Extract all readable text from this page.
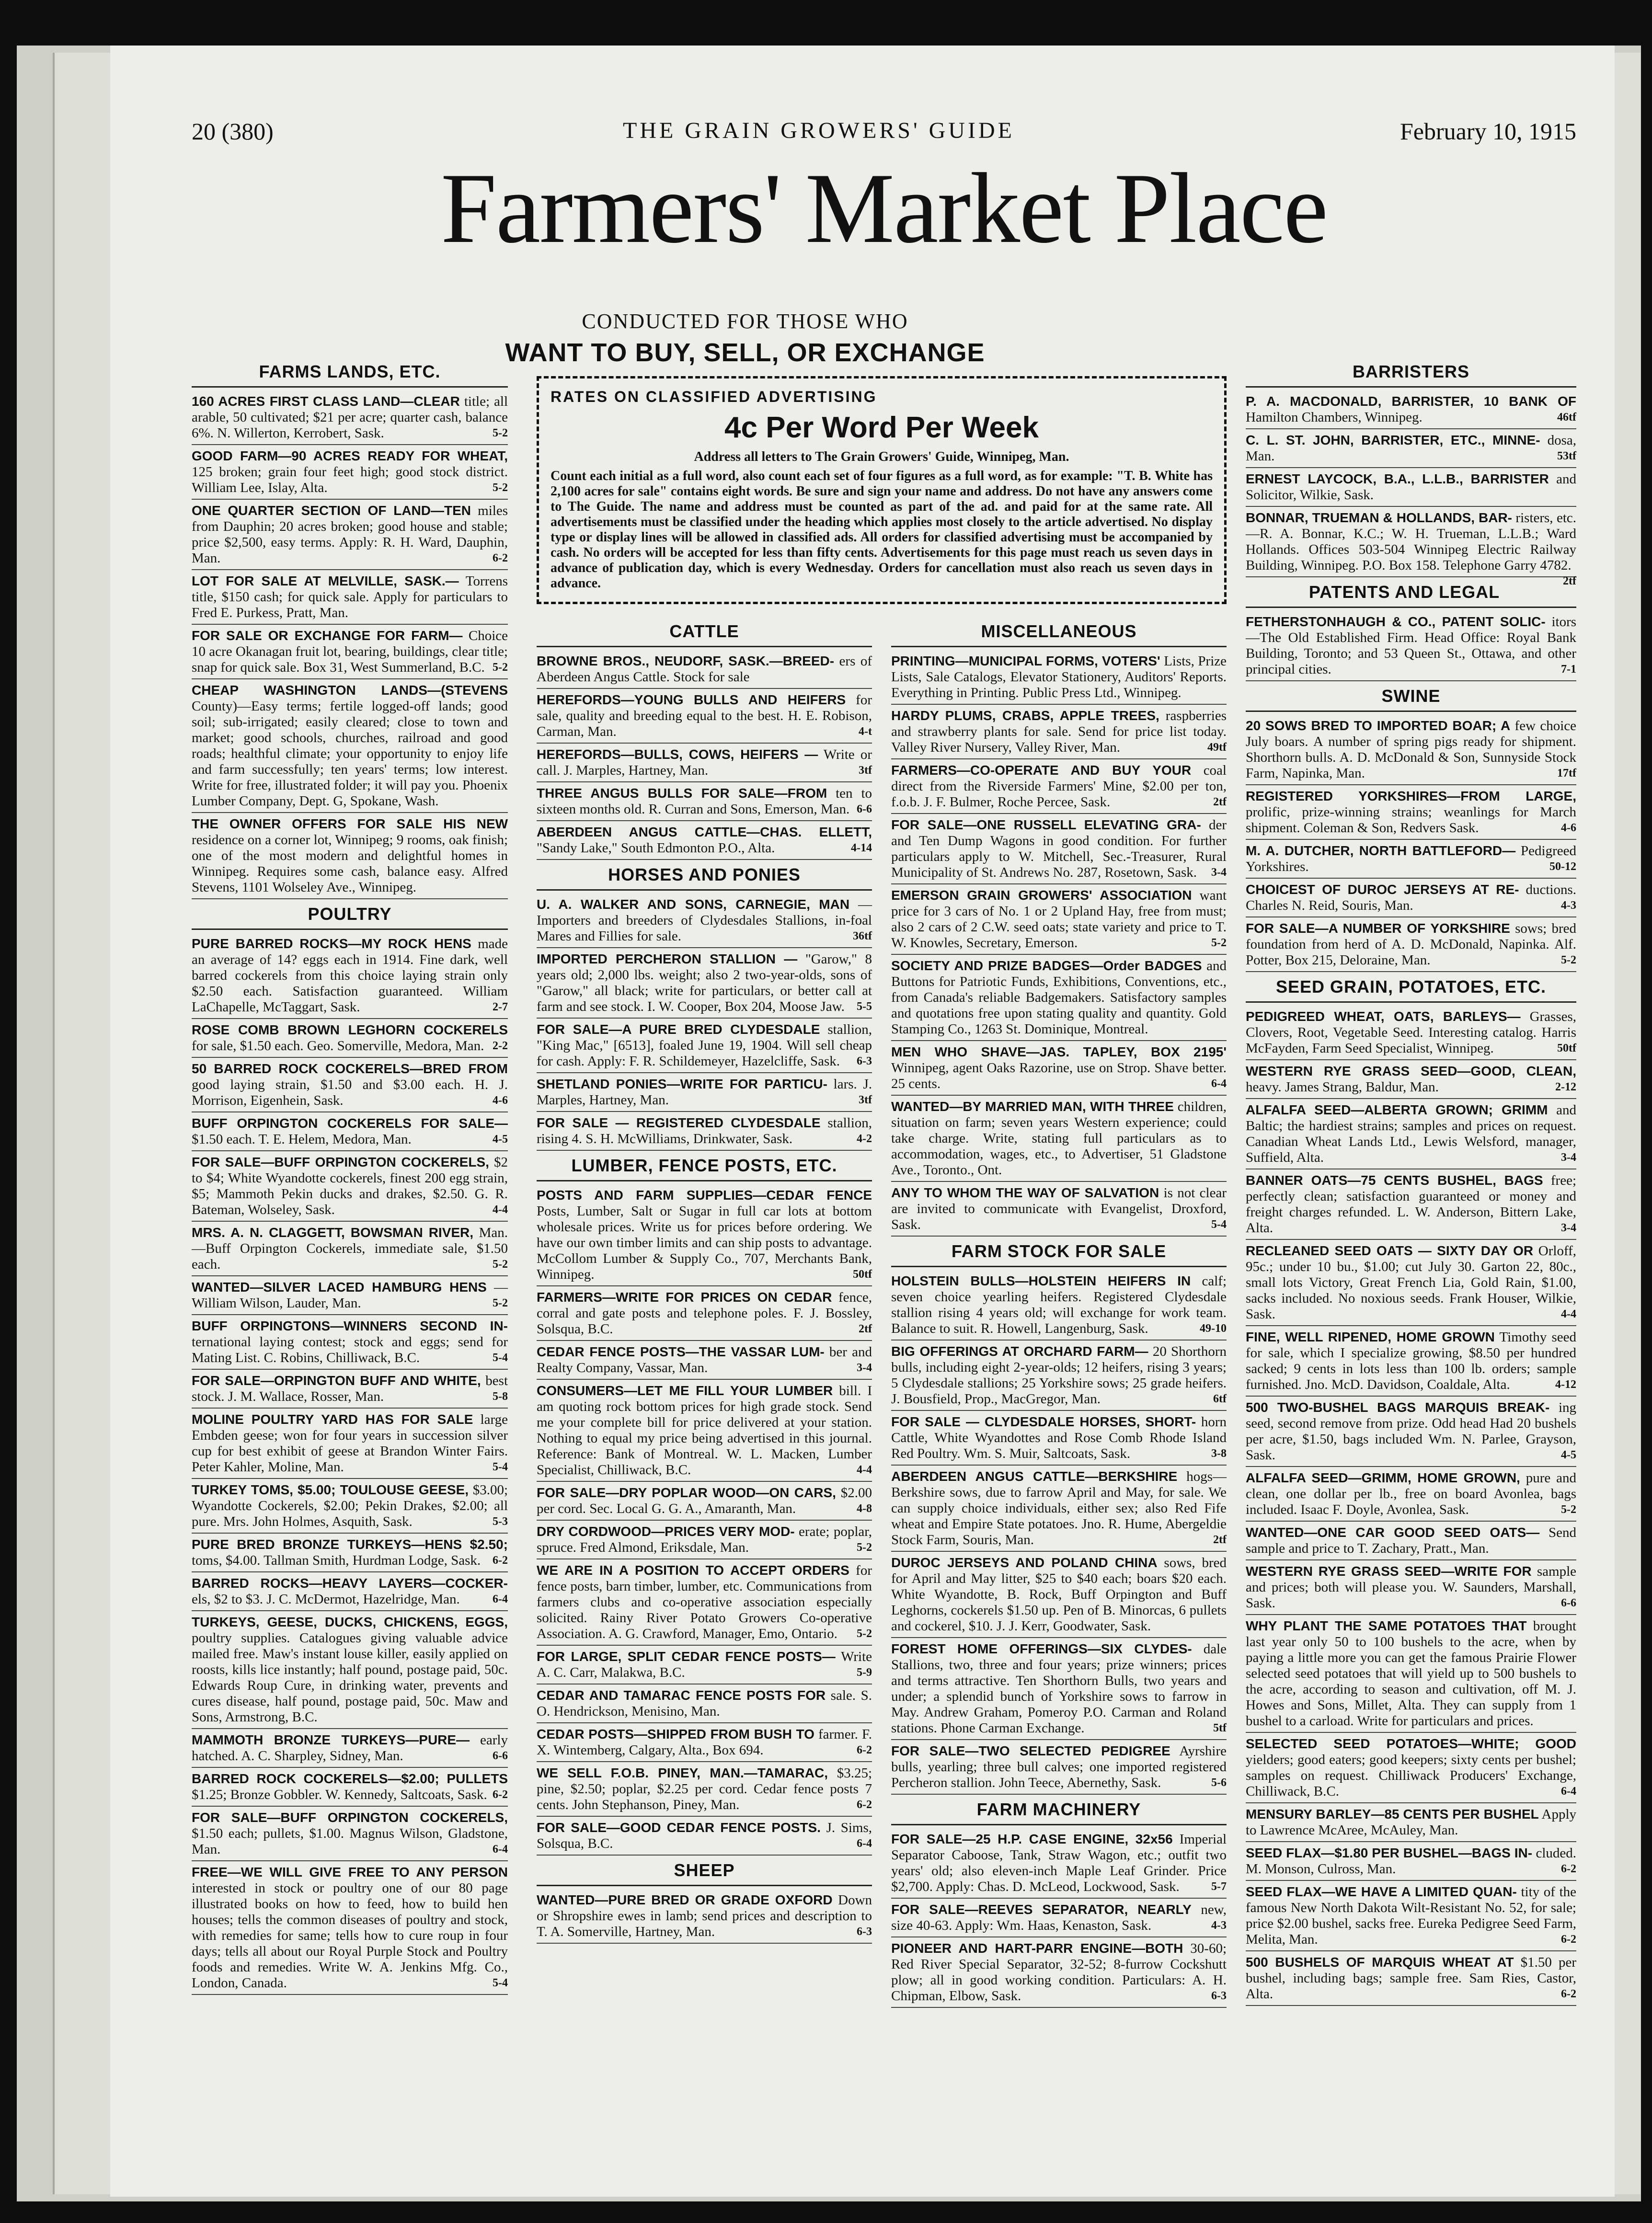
20 (380)	THE GRAIN GROWERS' GUIDE	February 10, 1915
Farmers' Market Place
CONDUCTED FOR THOSE WHO
WANT TO BUY, SELL, OR EXCHANGE
FARMS LANDS, ETC.
160 ACRES FIRST CLASS LAND—CLEAR title; all arable, 50 cultivated; $21 per acre; quarter cash, balance 6%. N. Willerton, Kerrobert, Sask.	5-2
GOOD FARM—90 ACRES READY FOR WHEAT, 125 broken; grain four feet high; good stock district. William Lee, Islay, Alta.	5-2
ONE QUARTER SECTION OF LAND—TEN miles from Dauphin; 20 acres broken; good house and stable; price $2,500, easy terms. Apply: R. H. Ward, Dauphin, Man.	6-2
LOT FOR SALE AT MELVILLE, SASK.— Torrens title, $150 cash; for quick sale. Apply for particulars to Fred E. Purkess, Pratt, Man.
FOR SALE OR EXCHANGE FOR FARM— Choice 10 acre Okanagan fruit lot, bearing, buildings, clear title; snap for quick sale. Box 31, West Summerland, B.C. 5-2
CHEAP WASHINGTON LANDS—(STEVENS County)—Easy terms; fertile logged-off lands; good soil; sub-irrigated; easily cleared; close to town and market; good schools, churches, railroad and good roads; healthful climate; your opportunity to enjoy life and farm successfully; ten years' terms; low interest. Write for free, illustrated folder; it will pay you. Phoenix Lumber Company, Dept. G, Spokane, Wash.
THE OWNER OFFERS FOR SALE HIS NEW residence on a corner lot, Winnipeg; 9 rooms, oak finish; one of the most modern and delightful homes in Winnipeg. Requires some cash, balance easy. Alfred Stevens, 1101 Wolseley Ave., Winnipeg.
POULTRY
PURE BARRED ROCKS—MY ROCK HENS made an average of 14? eggs each in 1914. Fine dark, well barred cockerels from this choice laying strain only $2.50 each. Satisfaction guaranteed. William LaChapelle, McTaggart, Sask.	2-7
ROSE COMB BROWN LEGHORN COCKERELS for sale, $1.50 each. Geo. Somerville, Medora, Man. 2-2
50 BARRED ROCK COCKERELS—BRED FROM good laying strain, $1.50 and $3.00 each. H. J. Morrison, Eigenhein, Sask.	4-6
BUFF ORPINGTON COCKERELS FOR SALE— $1.50 each. T. E. Helem, Medora, Man.	4-5
FOR SALE—BUFF ORPINGTON COCKERELS, $2 to $4; White Wyandotte cockerels, finest 200 egg strain, $5; Mammoth Pekin ducks and drakes, $2.50. G. R. Bateman, Wolseley, Sask.	4-4
MRS. A. N. CLAGGETT, BOWSMAN RIVER, Man.—Buff Orpington Cockerels, immediate sale, $1.50 each.	5-2
WANTED—SILVER LACED HAMBURG HENS —William Wilson, Lauder, Man.	5-2
BUFF ORPINGTONS—WINNERS SECOND IN- ternational laying contest; stock and eggs; send for Mating List. C. Robins, Chilliwack, B.C.	5-4
FOR SALE—ORPINGTON BUFF AND WHITE, best stock. J. M. Wallace, Rosser, Man.	5-8
MOLINE POULTRY YARD HAS FOR SALE large Embden geese; won for four years in succession silver cup for best exhibit of geese at Brandon Winter Fairs. Peter Kahler, Moline, Man.	5-4
TURKEY TOMS, $5.00; TOULOUSE GEESE, $3.00; Wyandotte Cockerels, $2.00; Pekin Drakes, $2.00; all pure. Mrs. John Holmes, Asquith, Sask.	5-3
PURE BRED BRONZE TURKEYS—HENS $2.50; toms, $4.00. Tallman Smith, Hurdman Lodge, Sask. 6-2
BARRED ROCKS—HEAVY LAYERS—COCKER- els, $2 to $3. J. C. McDermot, Hazelridge, Man.	6-4
TURKEYS, GEESE, DUCKS, CHICKENS, EGGS, poultry supplies. Catalogues giving valuable advice mailed free. Maw's instant louse killer, easily applied on roosts, kills lice instantly; half pound, postage paid, 50c. Edwards Roup Cure, in drinking water, prevents and cures disease, half pound, postage paid, 50c. Maw and Sons, Armstrong, B.C.
MAMMOTH BRONZE TURKEYS—PURE— early hatched. A. C. Sharpley, Sidney, Man.	6-6
BARRED ROCK COCKERELS—$2.00; PULLETS $1.25; Bronze Gobbler. W. Kennedy, Saltcoats, Sask. 6-2
FOR SALE—BUFF ORPINGTON COCKERELS, $1.50 each; pullets, $1.00. Magnus Wilson, Gladstone, Man.	6-4
FREE—WE WILL GIVE FREE TO ANY PERSON interested in stock or poultry one of our 80 page illustrated books on how to feed, how to build hen houses; tells the common diseases of poultry and stock, with remedies for same; tells how to cure roup in four days; tells all about our Royal Purple Stock and Poultry foods and remedies. Write W. A. Jenkins Mfg. Co., London, Canada.	5-4
RATES ON CLASSIFIED ADVERTISING
4c Per Word Per Week
Address all letters to The Grain Growers' Guide, Winnipeg, Man.
Count each initial as a full word, also count each set of four figures as a full word, as for example: "T. B. White has 2,100 acres for sale" contains eight words. Be sure and sign your name and address. Do not have any answers come to The Guide. The name and address must be counted as part of the ad. and paid for at the same rate. All advertisements must be classified under the heading which applies most closely to the article advertised. No display type or display lines will be allowed in classified ads. All orders for classified advertising must be accompanied by cash. No orders will be accepted for less than fifty cents. Advertisements for this page must reach us seven days in advance of publication day, which is every Wednesday. Orders for cancellation must also reach us seven days in advance.
CATTLE
BROWNE BROS., NEUDORF, SASK.—BREED- ers of Aberdeen Angus Cattle. Stock for sale
HEREFORDS—YOUNG BULLS AND HEIFERS for sale, quality and breeding equal to the best. H. E. Robison, Carman, Man.	4-t
HEREFORDS—BULLS, COWS, HEIFERS — Write or call. J. Marples, Hartney, Man.	3tf
THREE ANGUS BULLS FOR SALE—FROM ten to sixteen months old. R. Curran and Sons, Emerson, Man. 6-6
ABERDEEN ANGUS CATTLE—CHAS. ELLETT, "Sandy Lake," South Edmonton P.O., Alta.	4-14
HORSES AND PONIES
U. A. WALKER AND SONS, CARNEGIE, MAN —Importers and breeders of Clydesdales Stallions, in-foal Mares and Fillies for sale.	36tf
IMPORTED PERCHERON STALLION — "Garow," 8 years old; 2,000 lbs. weight; also 2 two-year-olds, sons of "Garow," all black; write for particulars, or better call at farm and see stock. I. W. Cooper, Box 204, Moose Jaw. 5-5
FOR SALE—A PURE BRED CLYDESDALE stallion, "King Mac," [6513], foaled June 19, 1904. Will sell cheap for cash. Apply: F. R. Schildemeyer, Hazelcliffe, Sask. 6-3
SHETLAND PONIES—WRITE FOR PARTICU- lars. J. Marples, Hartney, Man.	3tf
FOR SALE — REGISTERED CLYDESDALE stallion, rising 4. S. H. McWilliams, Drinkwater, Sask.	4-2
LUMBER, FENCE POSTS, ETC.
POSTS AND FARM SUPPLIES—CEDAR FENCE Posts, Lumber, Salt or Sugar in full car lots at bottom wholesale prices. Write us for prices before ordering. We have our own timber limits and can ship posts to advantage. McCollom Lumber & Supply Co., 707, Merchants Bank, Winnipeg.	50tf
FARMERS—WRITE FOR PRICES ON CEDAR fence, corral and gate posts and telephone poles. F. J. Bossley, Solsqua, B.C.	2tf
CEDAR FENCE POSTS—THE VASSAR LUM- ber and Realty Company, Vassar, Man.	3-4
CONSUMERS—LET ME FILL YOUR LUMBER bill. I am quoting rock bottom prices for high grade stock. Send me your complete bill for price delivered at your station. Nothing to equal my price being advertised in this journal. Reference: Bank of Montreal. W. L. Macken, Lumber Specialist, Chilliwack, B.C.	4-4
FOR SALE—DRY POPLAR WOOD—ON CARS, $2.00 per cord. Sec. Local G. G. A., Amaranth, Man.	4-8
DRY CORDWOOD—PRICES VERY MOD- erate; poplar, spruce. Fred Almond, Eriksdale, Man.	5-2
WE ARE IN A POSITION TO ACCEPT ORDERS for fence posts, barn timber, lumber, etc. Communications from farmers clubs and co-operative association especially solicited. Rainy River Potato Growers Co-operative Association. A. G. Crawford, Manager, Emo, Ontario. 5-2
FOR LARGE, SPLIT CEDAR FENCE POSTS— Write A. C. Carr, Malakwa, B.C.	5-9
CEDAR AND TAMARAC FENCE POSTS FOR sale. S. O. Hendrickson, Menisino, Man.
CEDAR POSTS—SHIPPED FROM BUSH TO farmer. F. X. Wintemberg, Calgary, Alta., Box 694.	6-2
WE SELL F.O.B. PINEY, MAN.—TAMARAC, $3.25; pine, $2.50; poplar, $2.25 per cord. Cedar fence posts 7 cents. John Stephanson, Piney, Man.	6-2
FOR SALE—GOOD CEDAR FENCE POSTS. J. Sims, Solsqua, B.C.	6-4
SHEEP
WANTED—PURE BRED OR GRADE OXFORD Down or Shropshire ewes in lamb; send prices and description to T. A. Somerville, Hartney, Man.	6-3
MISCELLANEOUS
PRINTING—MUNICIPAL FORMS, VOTERS' Lists, Prize Lists, Sale Catalogs, Elevator Stationery, Auditors' Reports. Everything in Printing. Public Press Ltd., Winnipeg.
HARDY PLUMS, CRABS, APPLE TREES, raspberries and strawberry plants for sale. Send for price list today. Valley River Nursery, Valley River, Man.	49tf
FARMERS—CO-OPERATE AND BUY YOUR coal direct from the Riverside Farmers' Mine, $2.00 per ton, f.o.b. J. F. Bulmer, Roche Percee, Sask.	2tf
FOR SALE—ONE RUSSELL ELEVATING GRA- der and Ten Dump Wagons in good condition. For further particulars apply to W. Mitchell, Sec.-Treasurer, Rural Municipality of St. Andrews No. 287, Rosetown, Sask. 3-4
EMERSON GRAIN GROWERS' ASSOCIATION want price for 3 cars of No. 1 or 2 Upland Hay, free from must; also 2 cars of 2 C.W. seed oats; state variety and price to T. W. Knowles, Secretary, Emerson.	5-2
SOCIETY AND PRIZE BADGES—Order BADGES and Buttons for Patriotic Funds, Exhibitions, Conventions, etc., from Canada's reliable Badgemakers. Satisfactory samples and quotations free upon stating quality and quantity. Gold Stamping Co., 1263 St. Dominique, Montreal.
MEN WHO SHAVE—JAS. TAPLEY, BOX 2195' Winnipeg, agent Oaks Razorine, use on Strop. Shave better. 25 cents.	6-4
WANTED—BY MARRIED MAN, WITH THREE children, situation on farm; seven years Western experience; could take charge. Write, stating full particulars as to accommodation, wages, etc., to Advertiser, 51 Gladstone Ave., Toronto., Ont.
ANY TO WHOM THE WAY OF SALVATION is not clear are invited to communicate with Evangelist, Droxford, Sask.	5-4
FARM STOCK FOR SALE
HOLSTEIN BULLS—HOLSTEIN HEIFERS IN calf; seven choice yearling heifers. Registered Clydesdale stallion rising 4 years old; will exchange for work team. Balance to suit. R. Howell, Langenburg, Sask.	49-10
BIG OFFERINGS AT ORCHARD FARM— 20 Shorthorn bulls, including eight 2-year-olds; 12 heifers, rising 3 years; 5 Clydesdale stallions; 25 Yorkshire sows; 25 grade heifers. J. Bousfield, Prop., MacGregor, Man.	6tf
FOR SALE — CLYDESDALE HORSES, SHORT- horn Cattle, White Wyandottes and Rose Comb Rhode Island Red Poultry. Wm. S. Muir, Saltcoats, Sask.	3-8
ABERDEEN ANGUS CATTLE—BERKSHIRE hogs—Berkshire sows, due to farrow April and May, for sale. We can supply choice individuals, either sex; also Red Fife wheat and Empire State potatoes. Jno. R. Hume, Abergeldie Stock Farm, Souris, Man.	2tf
DUROC JERSEYS AND POLAND CHINA sows, bred for April and May litter, $25 to $40 each; boars $20 each. White Wyandotte, B. Rock, Buff Orpington and Buff Leghorns, cockerels $1.50 up. Pen of B. Minorcas, 6 pullets and cockerel, $10. J. J. Kerr, Goodwater, Sask.
FOREST HOME OFFERINGS—SIX CLYDES- dale Stallions, two, three and four years; prize winners; prices and terms attractive. Ten Shorthorn Bulls, two years and under; a splendid bunch of Yorkshire sows to farrow in May. Andrew Graham, Pomeroy P.O. Carman and Roland stations. Phone Carman Exchange.	5tf
FOR SALE—TWO SELECTED PEDIGREE Ayrshire bulls, yearling; three bull calves; one imported registered Percheron stallion. John Teece, Abernethy, Sask.	5-6
FARM MACHINERY
FOR SALE—25 H.P. CASE ENGINE, 32x56 Imperial Separator Caboose, Tank, Straw Wagon, etc.; outfit two years' old; also eleven-inch Maple Leaf Grinder. Price $2,700. Apply: Chas. D. McLeod, Lockwood, Sask.	5-7
FOR SALE—REEVES SEPARATOR, NEARLY new, size 40-63. Apply: Wm. Haas, Kenaston, Sask.	4-3
PIONEER AND HART-PARR ENGINE—BOTH 30-60; Red River Special Separator, 32-52; 8-furrow Cockshutt plow; all in good working condition. Particulars: A. H. Chipman, Elbow, Sask.	6-3
BARRISTERS
P. A. MACDONALD, BARRISTER, 10 BANK OF Hamilton Chambers, Winnipeg.	46tf
C. L. ST. JOHN, BARRISTER, ETC., MINNE- dosa, Man.	53tf
ERNEST LAYCOCK, B.A., L.L.B., BARRISTER and Solicitor, Wilkie, Sask.
BONNAR, TRUEMAN & HOLLANDS, BAR- risters, etc.—R. A. Bonnar, K.C.; W. H. Trueman, L.L.B.; Ward Hollands. Offices 503-504 Winnipeg Electric Railway Building, Winnipeg. P.O. Box 158. Telephone Garry 4782.
2tf
PATENTS AND LEGAL
FETHERSTONHAUGH & CO., PATENT SOLIC- itors—The Old Established Firm. Head Office: Royal Bank Building, Toronto; and 53 Queen St., Ottawa, and other principal cities.	7-1
SWINE
20 SOWS BRED TO IMPORTED BOAR; A few choice July boars. A number of spring pigs ready for shipment. Shorthorn bulls. A. D. McDonald & Son, Sunnyside Stock Farm, Napinka, Man.	17tf
REGISTERED YORKSHIRES—FROM LARGE, prolific, prize-winning strains; weanlings for March shipment. Coleman & Son, Redvers Sask.	4-6
M. A. DUTCHER, NORTH BATTLEFORD— Pedigreed Yorkshires.	50-12
CHOICEST OF DUROC JERSEYS AT RE- ductions. Charles N. Reid, Souris, Man.	4-3
FOR SALE—A NUMBER OF YORKSHIRE sows; bred foundation from herd of A. D. McDonald, Napinka. Alf. Potter, Box 215, Deloraine, Man.	5-2
SEED GRAIN, POTATOES, ETC.
PEDIGREED WHEAT, OATS, BARLEYS— Grasses, Clovers, Root, Vegetable Seed. Interesting catalog. Harris McFayden, Farm Seed Specialist, Winnipeg.	50tf
WESTERN RYE GRASS SEED—GOOD, CLEAN, heavy. James Strang, Baldur, Man.	2-12
ALFALFA SEED—ALBERTA GROWN; GRIMM and Baltic; the hardiest strains; samples and prices on request. Canadian Wheat Lands Ltd., Lewis Welsford, manager, Suffield, Alta.	3-4
BANNER OATS—75 CENTS BUSHEL, BAGS free; perfectly clean; satisfaction guaranteed or money and freight charges refunded. L. W. Anderson, Bittern Lake, Alta.	3-4
RECLEANED SEED OATS — SIXTY DAY OR Orloff, 95c.; under 10 bu., $1.00; cut July 30. Garton 22, 80c., small lots Victory, Great French Lia, Gold Rain, $1.00, sacks included. No noxious seeds. Frank Houser, Wilkie, Sask.	4-4
FINE, WELL RIPENED, HOME GROWN Timothy seed for sale, which I specialize growing, $8.50 per hundred sacked; 9 cents in lots less than 100 lb. orders; sample furnished. Jno. McD. Davidson, Coaldale, Alta.	4-12
500 TWO-BUSHEL BAGS MARQUIS BREAK- ing seed, second remove from prize. Odd head Had 20 bushels per acre, $1.50, bags included Wm. N. Parlee, Grayson, Sask.	4-5
ALFALFA SEED—GRIMM, HOME GROWN, pure and clean, one dollar per lb., free on board Avonlea, bags included. Isaac F. Doyle, Avonlea, Sask.	5-2
WANTED—ONE CAR GOOD SEED OATS— Send sample and price to T. Zachary, Pratt., Man.
WESTERN RYE GRASS SEED—WRITE FOR sample and prices; both will please you. W. Saunders, Marshall, Sask.	6-6
WHY PLANT THE SAME POTATOES THAT brought last year only 50 to 100 bushels to the acre, when by paying a little more you can get the famous Prairie Flower selected seed potatoes that will yield up to 500 bushels to the acre, according to season and cultivation, off M. J. Howes and Sons, Millet, Alta. They can supply from 1 bushel to a carload. Write for particulars and prices.
SELECTED SEED POTATOES—WHITE; GOOD yielders; good eaters; good keepers; sixty cents per bushel; samples on request. Chilliwack Producers' Exchange, Chilliwack, B.C.	6-4
MENSURY BARLEY—85 CENTS PER BUSHEL Apply to Lawrence McAree, McAuley, Man.
SEED FLAX—$1.80 PER BUSHEL—BAGS IN- cluded. M. Monson, Culross, Man.	6-2
SEED FLAX—WE HAVE A LIMITED QUAN- tity of the famous New North Dakota Wilt-Resistant No. 52, for sale; price $2.00 bushel, sacks free. Eureka Pedigree Seed Farm, Melita, Man.	6-2
500 BUSHELS OF MARQUIS WHEAT AT $1.50 per bushel, including bags; sample free. Sam Ries, Castor, Alta.	6-2
